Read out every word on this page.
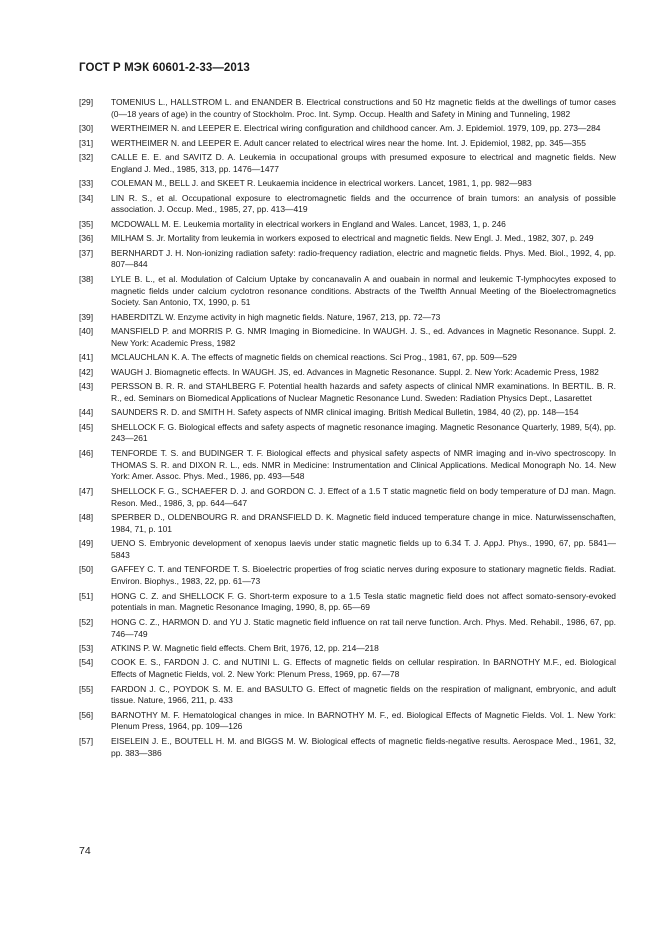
ГОСТ Р МЭК 60601-2-33—2013
[29] TOMENIUS L., HALLSTROM L. and ENANDER B. Electrical constructions and 50 Hz magnetic fields at the dwellings of tumor cases (0—18 years of age) in the country of Stockholm. Proc. Int. Symp. Occup. Health and Safety in Mining and Tunneling, 1982
[30] WERTHEIMER N. and LEEPER E. Electrical wiring configuration and childhood cancer. Am. J. Epidemiol. 1979, 109, pp. 273—284
[31] WERTHEIMER N. and LEEPER E. Adult cancer related to electrical wires near the home. Int. J. Epidemiol, 1982, pp. 345—355
[32] CALLE E. E. and SAVITZ D. A. Leukemia in occupational groups with presumed exposure to electrical and magnetic fields. New England J. Med., 1985, 313, pp. 1476—1477
[33] COLEMAN M., BELL J. and SKEET R. Leukaemia incidence in electrical workers. Lancet, 1981, 1, pp. 982—983
[34] LIN R. S., et al. Occupational exposure to electromagnetic fields and the occurrence of brain tumors: an analysis of possible association. J. Occup. Med., 1985, 27, pp. 413—419
[35] MCDOWALL M. E. Leukemia mortality in electrical workers in England and Wales. Lancet, 1983, 1, p. 246
[36] MILHAM S. Jr. Mortality from leukemia in workers exposed to electrical and magnetic fields. New Engl. J. Med., 1982, 307, p. 249
[37] BERNHARDT J. H. Non-ionizing radiation safety: radio-frequency radiation, electric and magnetic fields. Phys. Med. Biol., 1992, 4, pp. 807—844
[38] LYLE B. L., et al. Modulation of Calcium Uptake by concanavalin A and ouabain in normal and leukemic T-lymphocytes exposed to magnetic fields under calcium cyclotron resonance conditions. Abstracts of the Twelfth Annual Meeting of the Bioelectromagnetics Society. San Antonio, TX, 1990, p. 51
[39] HABERDITZL W. Enzyme activity in high magnetic fields. Nature, 1967, 213, pp. 72—73
[40] MANSFIELD P. and MORRIS P. G. NMR Imaging in Biomedicine. In WAUGH. J. S., ed. Advances in Magnetic Resonance. Suppl. 2. New York: Academic Press, 1982
[41] MCLAUCHLAN K. A. The effects of magnetic fields on chemical reactions. Sci Prog., 1981, 67, pp. 509—529
[42] WAUGH J. Biomagnetic effects. In WAUGH. JS, ed. Advances in Magnetic Resonance. Suppl. 2. New York: Academic Press, 1982
[43] PERSSON B. R. R. and STAHLBERG F. Potential health hazards and safety aspects of clinical NMR examinations. In BERTIL. B. R. R., ed. Seminars on Biomedical Applications of Nuclear Magnetic Resonance Lund. Sweden: Radiation Physics Dept., Lasarettet
[44] SAUNDERS R. D. and SMITH H. Safety aspects of NMR clinical imaging. British Medical Bulletin, 1984, 40 (2), pp. 148—154
[45] SHELLOCK F. G. Biological effects and safety aspects of magnetic resonance imaging. Magnetic Resonance Quarterly, 1989, 5(4), pp. 243—261
[46] TENFORDE T. S. and BUDINGER T. F. Biological effects and physical safety aspects of NMR imaging and in-vivo spectroscopy. In THOMAS S. R. and DIXON R. L., eds. NMR in Medicine: Instrumentation and Clinical Applications. Medical Monograph No. 14. New York: Amer. Assoc. Phys. Med., 1986, pp. 493—548
[47] SHELLOCK F. G., SCHAEFER D. J. and GORDON C. J. Effect of a 1.5 T static magnetic field on body temperature of DJ man. Magn. Reson. Med., 1986, 3, pp. 644—647
[48] SPERBER D., OLDENBOURG R. and DRANSFIELD D. K. Magnetic field induced temperature change in mice. Naturwissenschaften, 1984, 71, p. 101
[49] UENO S. Embryonic development of xenopus laevis under static magnetic fields up to 6.34 T. J. AppJ. Phys., 1990, 67, pp. 5841—5843
[50] GAFFEY C. T. and TENFORDE T. S. Bioelectric properties of frog sciatic nerves during exposure to stationary magnetic fields. Radiat. Environ. Biophys., 1983, 22, pp. 61—73
[51] HONG C. Z. and SHELLOCK F. G. Short-term exposure to a 1.5 Tesla static magnetic field does not affect somato-sensory-evoked potentials in man. Magnetic Resonance Imaging, 1990, 8, pp. 65—69
[52] HONG C. Z., HARMON D. and YU J. Static magnetic field influence on rat tail nerve function. Arch. Phys. Med. Rehabil., 1986, 67, pp. 746—749
[53] ATKINS P. W. Magnetic field effects. Chem Brit, 1976, 12, pp. 214—218
[54] COOK E. S., FARDON J. C. and NUTINI L. G. Effects of magnetic fields on cellular respiration. In BARNOTHY M.F., ed. Biological Effects of Magnetic Fields, vol. 2. New York: Plenum Press, 1969, pp. 67—78
[55] FARDON J. C., POYDOK S. M. E. and BASULTO G. Effect of magnetic fields on the respiration of malignant, embryonic, and adult tissue. Nature, 1966, 211, p. 433
[56] BARNOTHY M. F. Hematological changes in mice. In BARNOTHY M. F., ed. Biological Effects of Magnetic Fields. Vol. 1. New York: Plenum Press, 1964, pp. 109—126
[57] EISELEIN J. E., BOUTELL H. M. and BIGGS M. W. Biological effects of magnetic fields-negative results. Aerospace Med., 1961, 32, pp. 383—386
74
